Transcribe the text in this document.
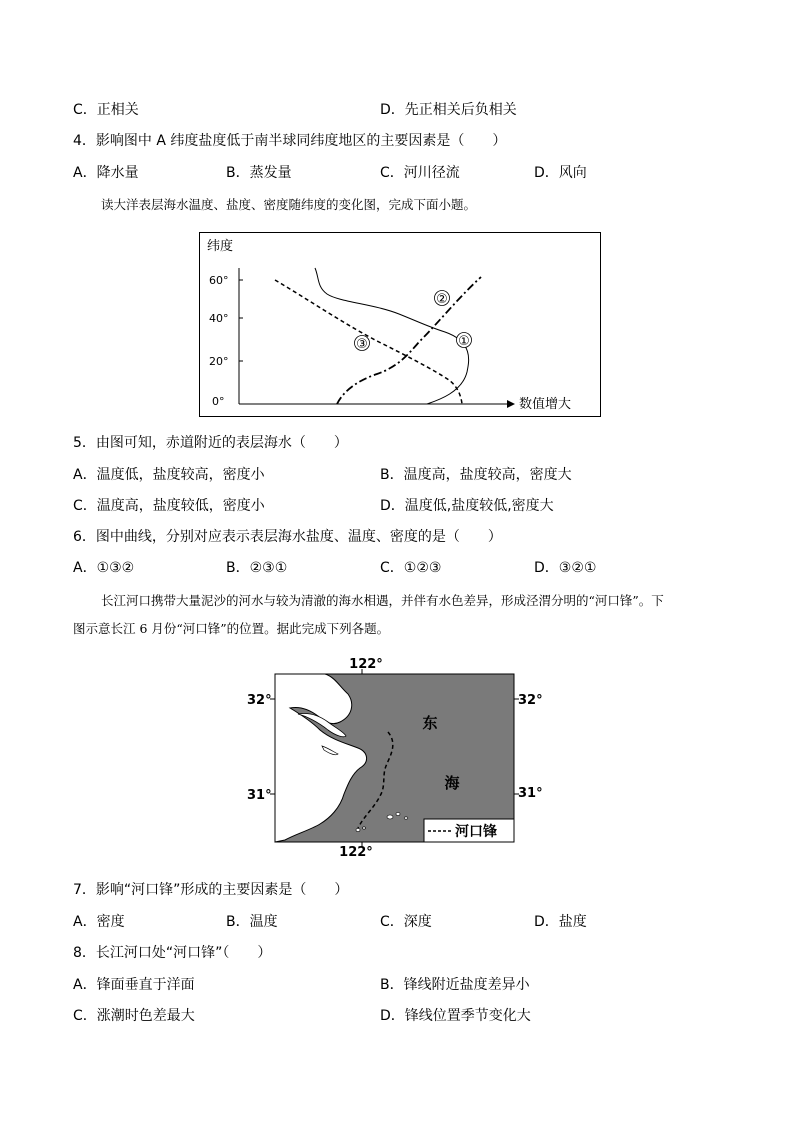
C．正相关	D．先正相关后负相关
4．影响图中 A 纬度盐度低于南半球同纬度地区的主要因素是（　　）
A．降水量	B．蒸发量	C．河川径流	D．风向
读大洋表层海水温度、盐度、密度随纬度的变化图，完成下面小题。
纬度
数值增大
60°
40°
20°
0°
①
②
③
5．由图可知，赤道附近的表层海水（　　）
A．温度低，盐度较高，密度小	B．温度高，盐度较高，密度大
C．温度高，盐度较低，密度小	D．温度低,盐度较低,密度大
6．图中曲线，分别对应表示表层海水盐度、温度、密度的是（　　）
A．①③②	B．②③①	C．①②③	D．③②①
长江河口携带大量泥沙的河水与较为清澈的海水相遇，并伴有水色差异，形成泾渭分明的“河口锋”。下
图示意长江 6 月份“河口锋”的位置。据此完成下列各题。
122°
122°
32°	32°
31°	31°
东
海
河口锋
7．影响“河口锋”形成的主要因素是（　　）
A．密度	B．温度	C．深度	D．盐度
8．长江河口处“河口锋”（　　）
A．锋面垂直于洋面	B．锋线附近盐度差异小
C．涨潮时色差最大	D．锋线位置季节变化大
